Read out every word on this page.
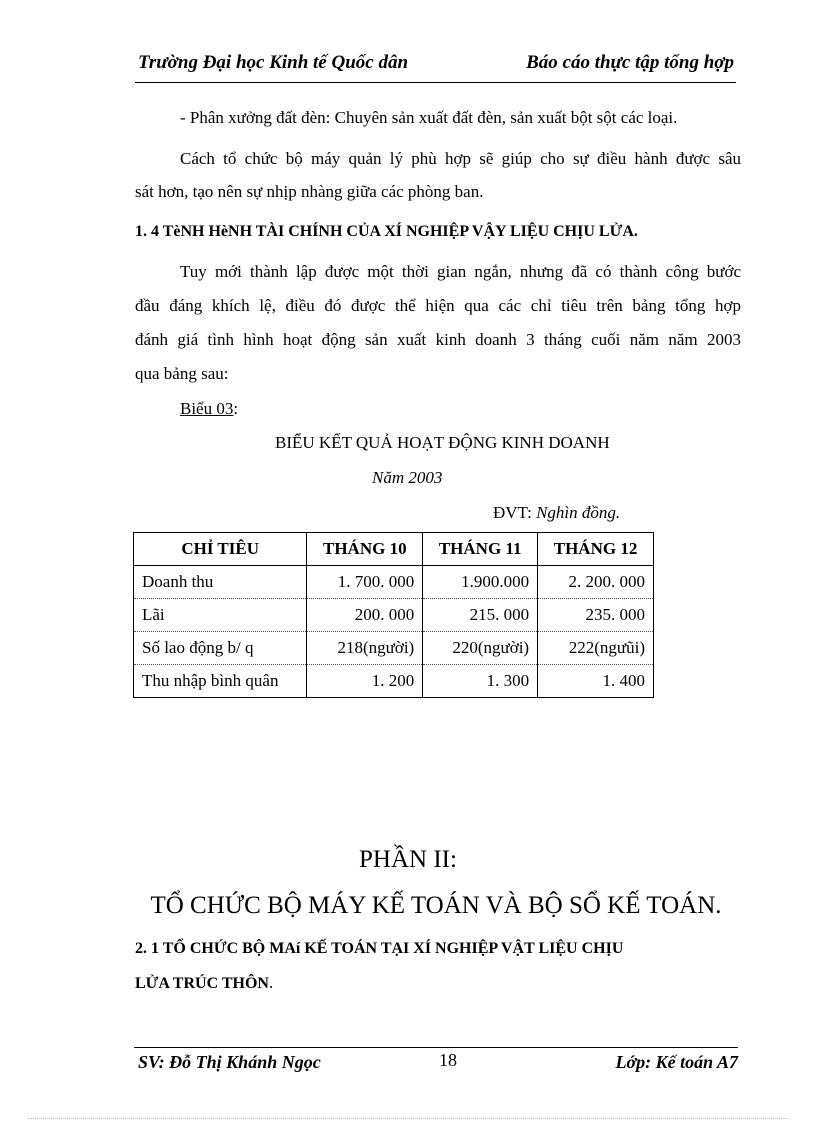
Trường Đại học Kinh tế Quốc dân	Báo cáo thực tập tổng hợp
- Phân xưởng đất đèn: Chuyên sản xuất đất đèn, sản xuất bột sột các loại.
Cách tổ chức bộ máy quản lý phù hợp sẽ giúp cho sự điều hành được sâu
sát hơn, tạo nên sự nhịp nhàng giữa các phòng ban.
1. 4 TèNH HèNH TÀI CHÍNH CỦA XÍ NGHIỆP VẬY LIỆU CHỊU LỬA.
Tuy mới thành lập được một thời gian ngắn, nhưng đã có thành công bước
đầu đáng khích lệ, điều đó được thể hiện qua các chỉ tiêu trên bảng tổng hợp
đánh giá tình hình hoạt động sản xuất kinh doanh 3 tháng cuối năm năm 2003
qua bảng sau:
Biểu 03:
BIỂU KẾT QUẢ HOẠT ĐỘNG KINH DOANH
Năm 2003
ĐVT: Nghìn đồng.
CHỈ TIÊU	THÁNG 10	THÁNG 11	THÁNG 12
Doanh thu	1. 700. 000	1.900.000	2. 200. 000
Lãi	200. 000	215. 000	235. 000
Số lao động b/ q	218(người)	220(người)	222(ngưũi)
Thu nhập bình quân	1. 200	1. 300	1. 400
PHẦN II:
TỔ CHỨC BỘ MÁY KẾ TOÁN VÀ BỘ SỔ KẾ TOÁN.
2. 1 TỔ CHỨC BỘ MAí KẾ TOÁN TẠI XÍ NGHIỆP VẬT LIỆU CHỊU
LỬA TRÚC THÔN.
SV: Đỗ Thị Khánh Ngọc	18	Lớp: Kế toán A7
